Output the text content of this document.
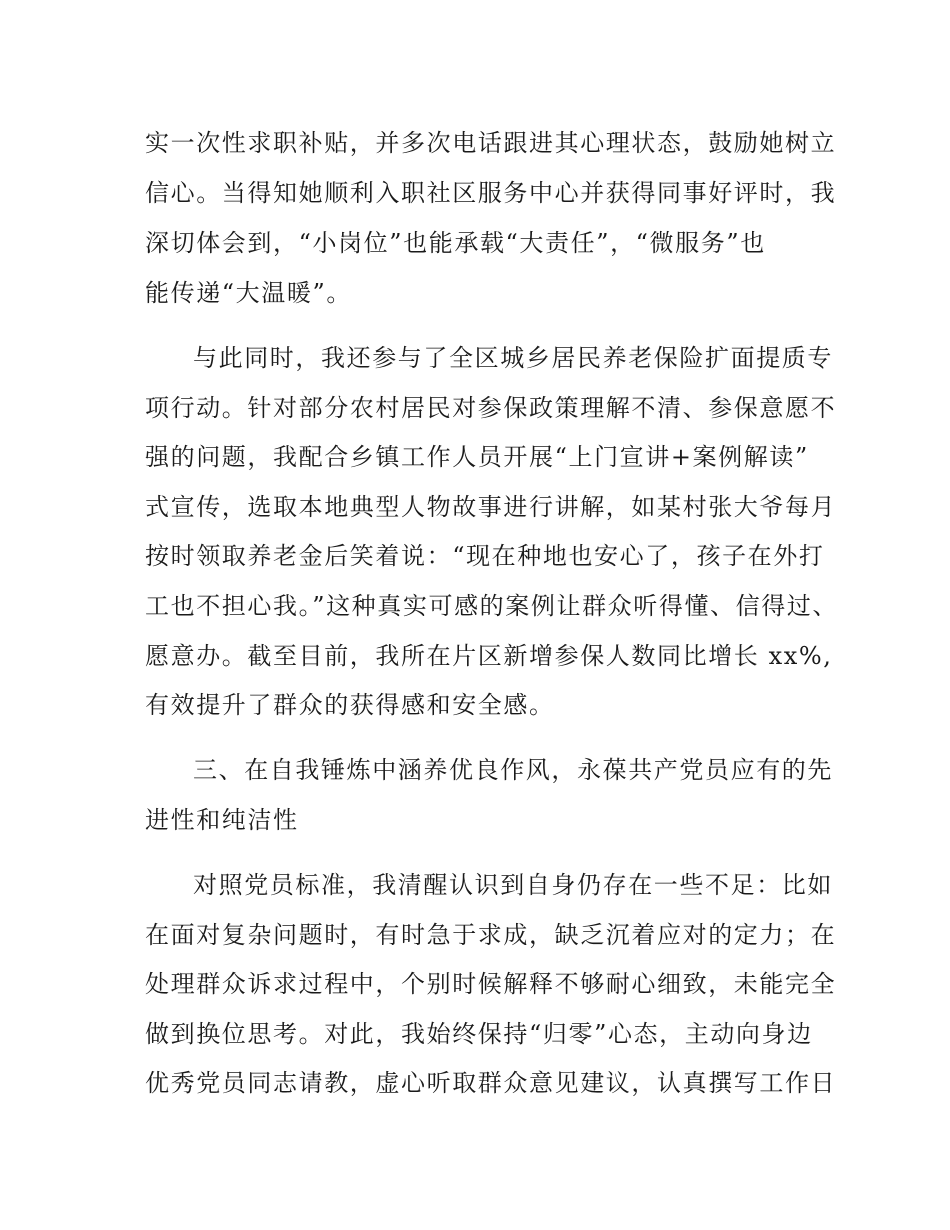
实一次性求职补贴，并多次电话跟进其心理状态，鼓励她树立

信心。当得知她顺利入职社区服务中心并获得同事好评时，我

深切体会到，“小岗位”也能承载“大责任”，“微服务”也

能传递“大温暖”。

与此同时，我还参与了全区城乡居民养老保险扩面提质专

项行动。针对部分农村居民对参保政策理解不清、参保意愿不

强的问题，我配合乡镇工作人员开展“上门宣讲+案例解读”

式宣传，选取本地典型人物故事进行讲解，如某村张大爷每月

按时领取养老金后笑着说：“现在种地也安心了，孩子在外打

工也不担心我。”这种真实可感的案例让群众听得懂、信得过、

愿意办。截至目前，我所在片区新增参保人数同比增长 xx%,

有效提升了群众的获得感和安全感。

三、在自我锤炼中涵养优良作风，永葆共产党员应有的先

进性和纯洁性

对照党员标准，我清醒认识到自身仍存在一些不足：比如

在面对复杂问题时，有时急于求成，缺乏沉着应对的定力；在

处理群众诉求过程中，个别时候解释不够耐心细致，未能完全

做到换位思考。对此，我始终保持“归零”心态，主动向身边

优秀党员同志请教，虚心听取群众意见建议，认真撰写工作日
